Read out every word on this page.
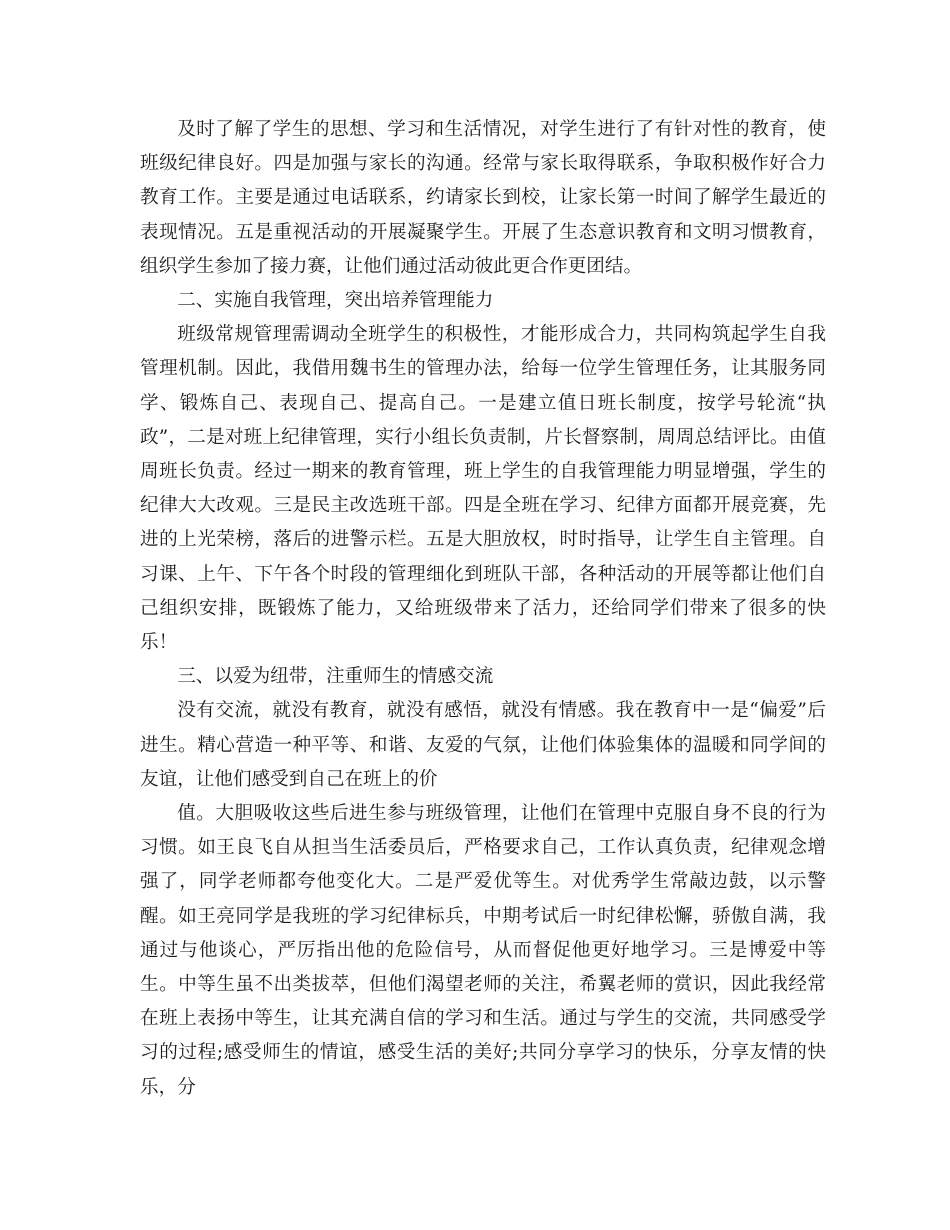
及时了解了学生的思想、学习和生活情况，对学生进行了有针对性的教育，使班级纪律良好。四是加强与家长的沟通。经常与家长取得联系，争取积极作好合力教育工作。主要是通过电话联系，约请家长到校，让家长第一时间了解学生最近的表现情况。五是重视活动的开展凝聚学生。开展了生态意识教育和文明习惯教育，组织学生参加了接力赛，让他们通过活动彼此更合作更团结。

二、实施自我管理，突出培养管理能力

班级常规管理需调动全班学生的积极性，才能形成合力，共同构筑起学生自我管理机制。因此，我借用魏书生的管理办法，给每一位学生管理任务，让其服务同学、锻炼自己、表现自己、提高自己。一是建立值日班长制度，按学号轮流“执政”，二是对班上纪律管理，实行小组长负责制，片长督察制，周周总结评比。由值周班长负责。经过一期来的教育管理，班上学生的自我管理能力明显增强，学生的纪律大大改观。三是民主改选班干部。四是全班在学习、纪律方面都开展竞赛，先进的上光荣榜，落后的进警示栏。五是大胆放权，时时指导，让学生自主管理。自习课、上午、下午各个时段的管理细化到班队干部，各种活动的开展等都让他们自己组织安排，既锻炼了能力，又给班级带来了活力，还给同学们带来了很多的快乐！

三、以爱为纽带，注重师生的情感交流

没有交流，就没有教育，就没有感悟，就没有情感。我在教育中一是“偏爱”后进生。精心营造一种平等、和谐、友爱的气氛，让他们体验集体的温暖和同学间的友谊，让他们感受到自己在班上的价

值。大胆吸收这些后进生参与班级管理，让他们在管理中克服自身不良的行为习惯。如王良飞自从担当生活委员后，严格要求自己，工作认真负责，纪律观念增强了，同学老师都夸他变化大。二是严爱优等生。对优秀学生常敲边鼓，以示警醒。如王亮同学是我班的学习纪律标兵，中期考试后一时纪律松懈，骄傲自满，我通过与他谈心，严厉指出他的危险信号，从而督促他更好地学习。三是博爱中等生。中等生虽不出类拔萃，但他们渴望老师的关注，希翼老师的赏识，因此我经常在班上表扬中等生，让其充满自信的学习和生活。通过与学生的交流，共同感受学习的过程;感受师生的情谊，感受生活的美好;共同分享学习的快乐，分享友情的快乐，分
